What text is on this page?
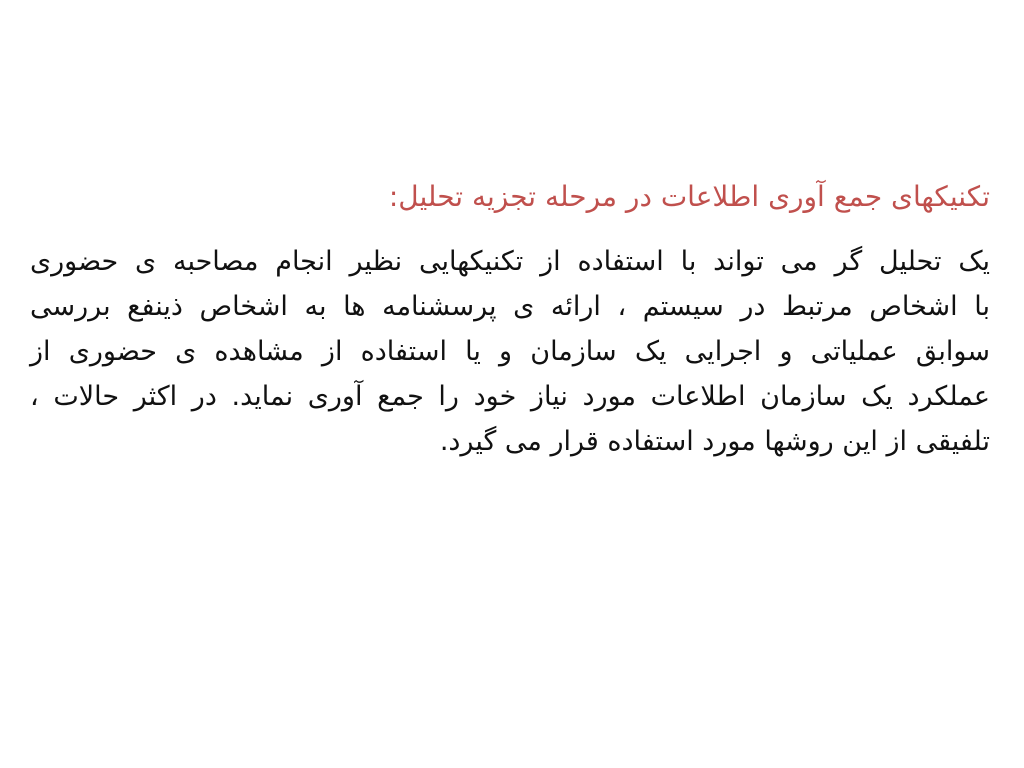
تکنیکهای جمع آوری اطلاعات در مرحله تجزیه تحلیل:
یک تحلیل گر می تواند با استفاده از تکنیکهایی نظیر انجام مصاحبه ی حضوری
با اشخاص مرتبط در سیستم ، ارائه ی پرسشنامه ها به اشخاص ذینفع بررسی
سوابق عملیاتی و اجرایی یک سازمان و یا استفاده از مشاهده ی حضوری از
عملکرد یک سازمان اطلاعات مورد نیاز خود را جمع آوری نماید. در اکثر حالات ،
تلفیقی از این روشها مورد استفاده قرار می گیرد.
